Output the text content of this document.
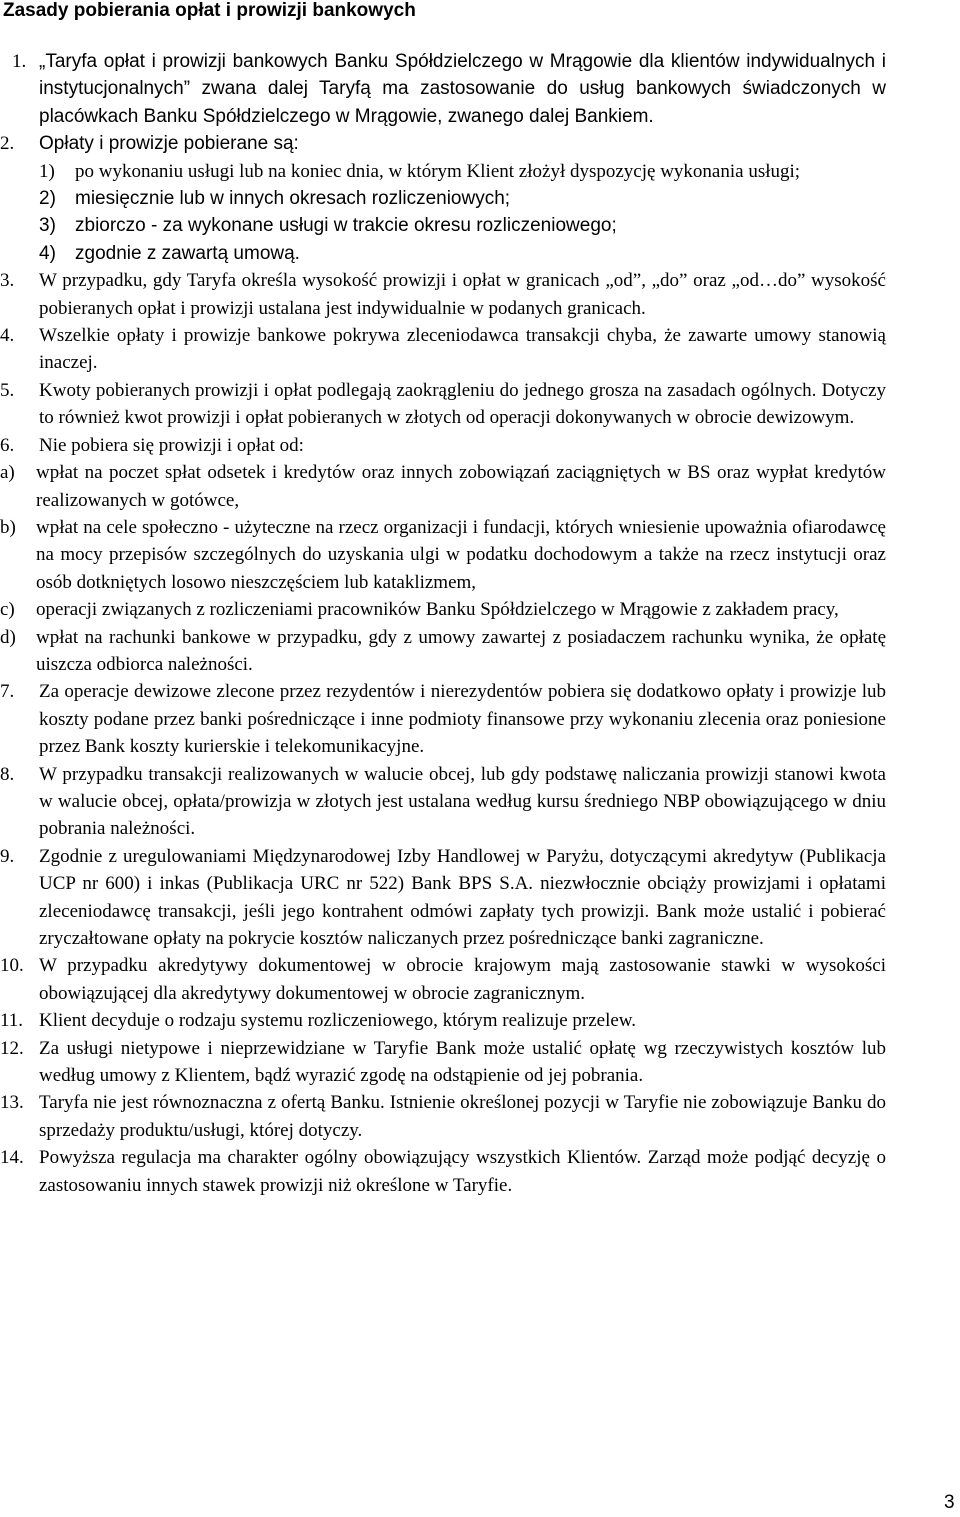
Zasady pobierania opłat i prowizji bankowych
1. „Taryfa opłat i prowizji bankowych Banku Spółdzielczego w Mrągowie dla klientów indywidualnych i instytucjonalnych” zwana dalej Taryfą ma zastosowanie do usług bankowych świadczonych w placówkach Banku Spółdzielczego w Mrągowie, zwanego dalej Bankiem.
2.	Opłaty i prowizje pobierane są:
1) po wykonaniu usługi lub na koniec dnia, w którym Klient złożył dyspozycję wykonania usługi;
2) miesięcznie lub w innych okresach rozliczeniowych;
3) zbiorczo - za wykonane usługi w trakcie okresu rozliczeniowego;
4) zgodnie z zawartą umową.
3.	W przypadku, gdy Taryfa określa wysokość prowizji i opłat w granicach „od”, „do” oraz „od…do” wysokość pobieranych opłat i prowizji ustalana jest indywidualnie w podanych granicach.
4.	Wszelkie opłaty i prowizje bankowe pokrywa zleceniodawca transakcji chyba, że zawarte umowy stanowią inaczej.
5.	Kwoty pobieranych prowizji i opłat podlegają zaokrągleniu do jednego grosza na zasadach ogólnych. Dotyczy to również kwot prowizji i opłat pobieranych w złotych od operacji dokonywanych w obrocie dewizowym.
6.	Nie pobiera się prowizji i opłat od:
a) wpłat na poczet spłat odsetek i kredytów oraz innych zobowiązań zaciągniętych w BS oraz wypłat kredytów realizowanych w gotówce,
b) wpłat na cele społeczno - użyteczne na rzecz organizacji i fundacji, których wniesienie upoważnia ofiarodawcę na mocy przepisów szczególnych do uzyskania ulgi w podatku dochodowym a także na rzecz instytucji oraz osób dotkniętych losowo nieszczęściem lub kataklizmem,
c) operacji związanych z rozliczeniami pracowników Banku Spółdzielczego w Mrągowie z zakładem pracy,
d) wpłat na rachunki bankowe w przypadku, gdy z umowy zawartej z posiadaczem rachunku wynika, że opłatę uiszcza odbiorca należności.
7.	Za operacje dewizowe zlecone przez rezydentów i nierezydentów pobiera się dodatkowo opłaty i prowizje lub koszty podane przez banki pośredniczące i inne podmioty finansowe przy wykonaniu zlecenia oraz poniesione przez Bank koszty kurierskie i telekomunikacyjne.
8.	W przypadku transakcji realizowanych w walucie obcej, lub gdy podstawę naliczania prowizji stanowi kwota w walucie obcej, opłata/prowizja w złotych jest ustalana według kursu średniego NBP obowiązującego w dniu pobrania należności.
9.	Zgodnie z uregulowaniami Międzynarodowej Izby Handlowej w Paryżu, dotyczącymi akredytyw (Publikacja UCP nr 600) i inkas (Publikacja URC nr 522) Bank BPS S.A. niezwłocznie obciąży prowizjami i opłatami zleceniodawcę transakcji, jeśli jego kontrahent odmówi zapłaty tych prowizji. Bank może ustalić i pobierać zryczałtowane opłaty na pokrycie kosztów naliczanych przez pośredniczące banki zagraniczne.
10. W przypadku akredytywy dokumentowej w obrocie krajowym mają zastosowanie stawki w wysokości obowiązującej dla akredytywy dokumentowej w obrocie zagranicznym.
11. Klient decyduje o rodzaju systemu rozliczeniowego, którym realizuje przelew.
12. Za usługi nietypowe i nieprzewidziane w Taryfie Bank może ustalić opłatę wg rzeczywistych kosztów lub według umowy z Klientem, bądź wyrazić zgodę na odstąpienie od jej pobrania.
13. Taryfa nie jest równoznaczna z ofertą Banku. Istnienie określonej pozycji w Taryfie nie zobowiązuje Banku do sprzedaży produktu/usługi, której dotyczy.
14. Powyższa regulacja ma charakter ogólny obowiązujący wszystkich Klientów. Zarząd może podjąć decyzję o zastosowaniu innych stawek prowizji niż określone w Taryfie.
3
